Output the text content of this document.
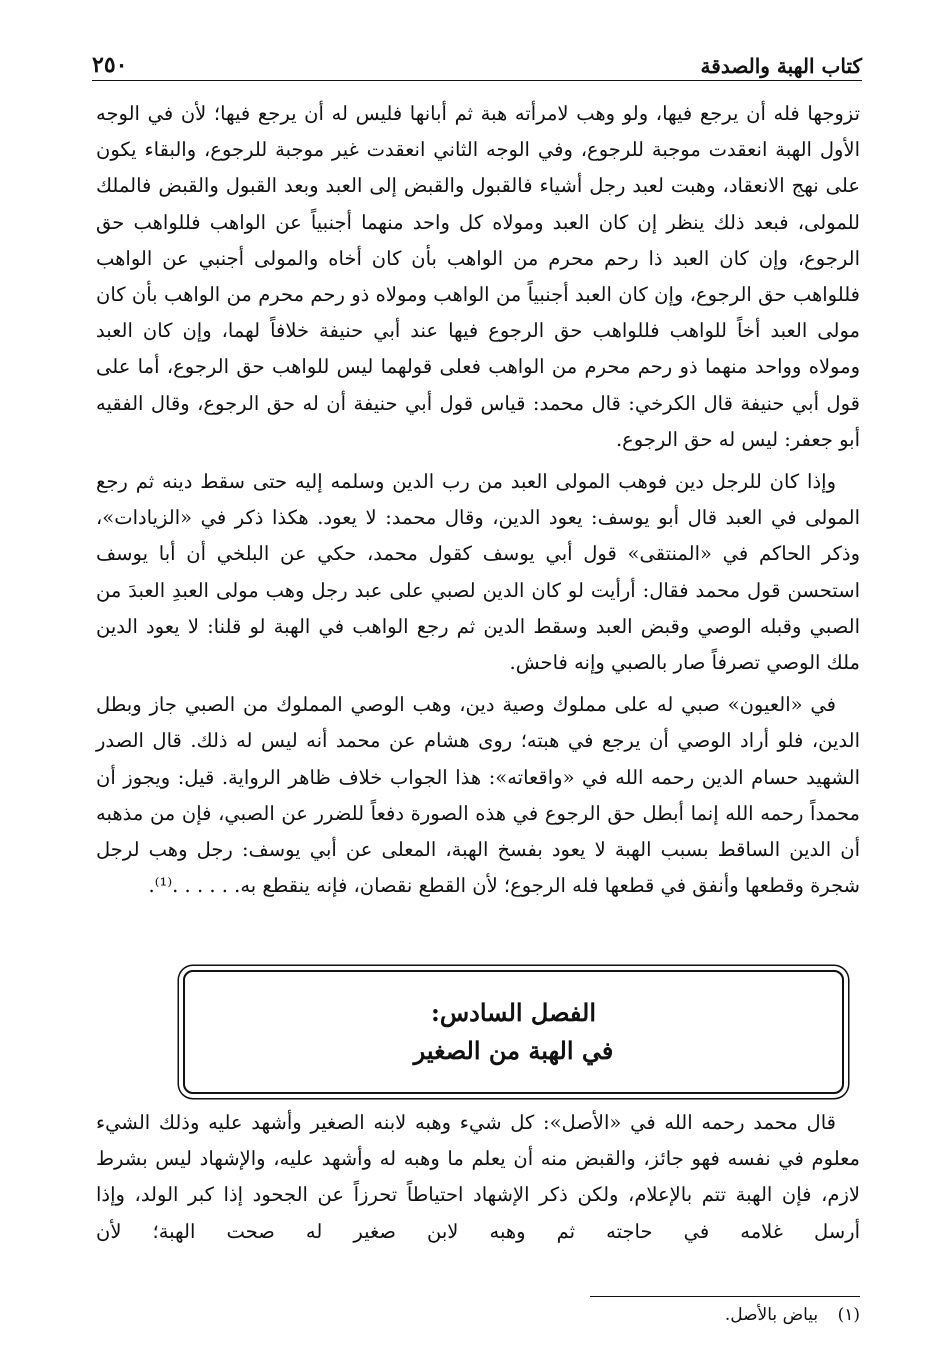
كتاب الهبة والصدقة
٢٥٠

تزوجها فله أن يرجع فيها، ولو وهب لامرأته هبة ثم أبانها فليس له أن يرجع فيها؛ لأن في الوجه الأول الهبة انعقدت موجبة للرجوع، وفي الوجه الثاني انعقدت غير موجبة للرجوع، والبقاء يكون على نهج الانعقاد، وهبت لعبد رجل أشياء فالقبول والقبض إلى العبد وبعد القبول والقبض فالملك للمولى، فبعد ذلك ينظر إن كان العبد ومولاه كل واحد منهما أجنبياً عن الواهب فللواهب حق الرجوع، وإن كان العبد ذا رحم محرم من الواهب بأن كان أخاه والمولى أجنبي عن الواهب فللواهب حق الرجوع، وإن كان العبد أجنبياً من الواهب ومولاه ذو رحم محرم من الواهب بأن كان مولى العبد أخاً للواهب فللواهب حق الرجوع فيها عند أبي حنيفة خلافاً لهما، وإن كان العبد ومولاه وواحد منهما ذو رحم محرم من الواهب فعلى قولهما ليس للواهب حق الرجوع، أما على قول أبي حنيفة قال الكرخي: قال محمد: قياس قول أبي حنيفة أن له حق الرجوع، وقال الفقيه أبو جعفر: ليس له حق الرجوع.

وإذا كان للرجل دين فوهب المولى العبد من رب الدين وسلمه إليه حتى سقط دينه ثم رجع المولى في العبد قال أبو يوسف: يعود الدين، وقال محمد: لا يعود. هكذا ذكر في «الزيادات»، وذكر الحاكم في «المنتقى» قول أبي يوسف كقول محمد، حكي عن البلخي أن أبا يوسف استحسن قول محمد فقال: أرأيت لو كان الدين لصبي على عبد رجل وهب مولى العبدِ العبدَ من الصبي وقبله الوصي وقبض العبد وسقط الدين ثم رجع الواهب في الهبة لو قلنا: لا يعود الدين ملك الوصي تصرفاً صار بالصبي وإنه فاحش.

في «العيون» صبي له على مملوك وصية دين، وهب الوصي المملوك من الصبي جاز وبطل الدين، فلو أراد الوصي أن يرجع في هبته؛ روى هشام عن محمد أنه ليس له ذلك. قال الصدر الشهيد حسام الدين رحمه الله في «واقعاته»: هذا الجواب خلاف ظاهر الرواية. قيل: ويجوز أن محمداً رحمه الله إنما أبطل حق الرجوع في هذه الصورة دفعاً للضرر عن الصبي، فإن من مذهبه أن الدين الساقط بسبب الهبة لا يعود بفسخ الهبة، المعلى عن أبي يوسف: رجل وهب لرجل شجرة وقطعها وأنفق في قطعها فله الرجوع؛ لأن القطع نقصان، فإنه ينقطع به. . . . . .⁽¹⁾.

الفصل السادس:
في الهبة من الصغير

قال محمد رحمه الله في «الأصل»: كل شيء وهبه لابنه الصغير وأشهد عليه وذلك الشيء معلوم في نفسه فهو جائز، والقبض منه أن يعلم ما وهبه له وأشهد عليه، والإشهاد ليس بشرط لازم، فإن الهبة تتم بالإعلام، ولكن ذكر الإشهاد احتياطاً تحرزاً عن الجحود إذا كبر الولد، وإذا أرسل غلامه في حاجته ثم وهبه لابن صغير له صحت الهبة؛ لأن

(١) بياض بالأصل.
